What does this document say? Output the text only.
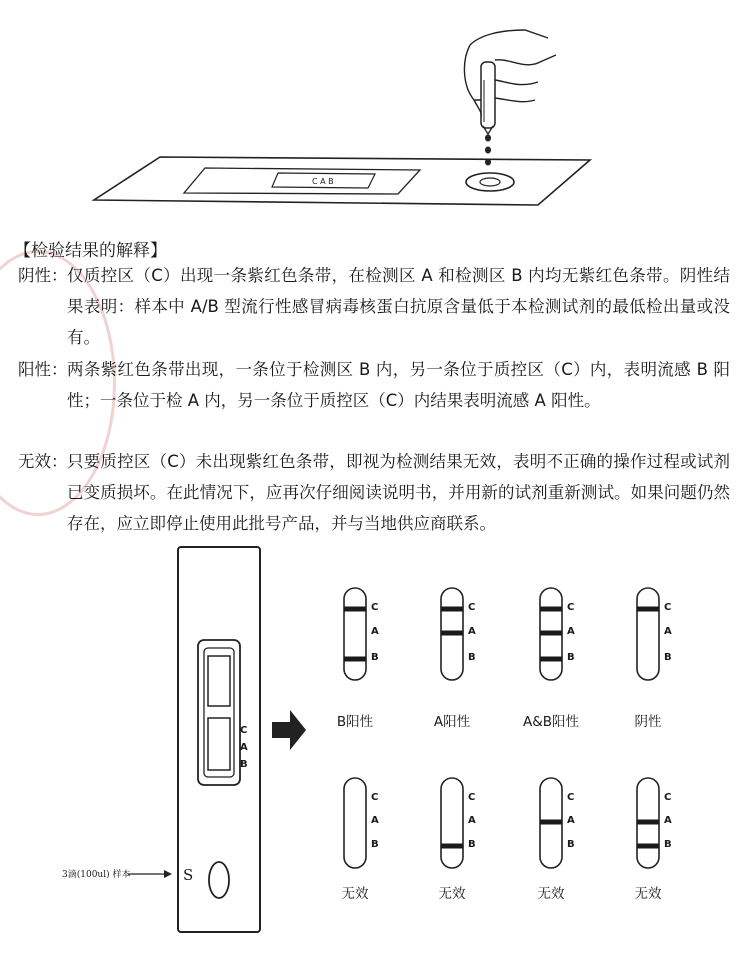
C A B
【检验结果的解释】
阴性： 仅质控区（C）出现一条紫红色条带，在检测区 A 和检测区 B 内均无紫红色条带。阴性结果表明：样本中 A/B 型流行性感冒病毒核蛋白抗原含量低于本检测试剂的最低检出量或没有。
阳性： 两条紫红色条带出现，一条位于检测区 B 内，另一条位于质控区（C）内，表明流感 B 阳性；一条位于检 A 内，另一条位于质控区（C）内结果表明流感 A 阳性。
无效： 只要质控区（C）未出现紫红色条带，即视为检测结果无效，表明不正确的操作过程或试剂已变质损坏。在此情况下，应再次仔细阅读说明书，并用新的试剂重新测试。如果问题仍然存在，应立即停止使用此批号产品，并与当地供应商联系。
C
A
B
S
3滴(100ul) 样本
C
A
B
B阳性
C
A
B
A阳性
C
A
B
A&B阳性
C
A
B
阴性
C
A
B
无效
C
A
B
无效
C
A
B
无效
C
A
B
无效
